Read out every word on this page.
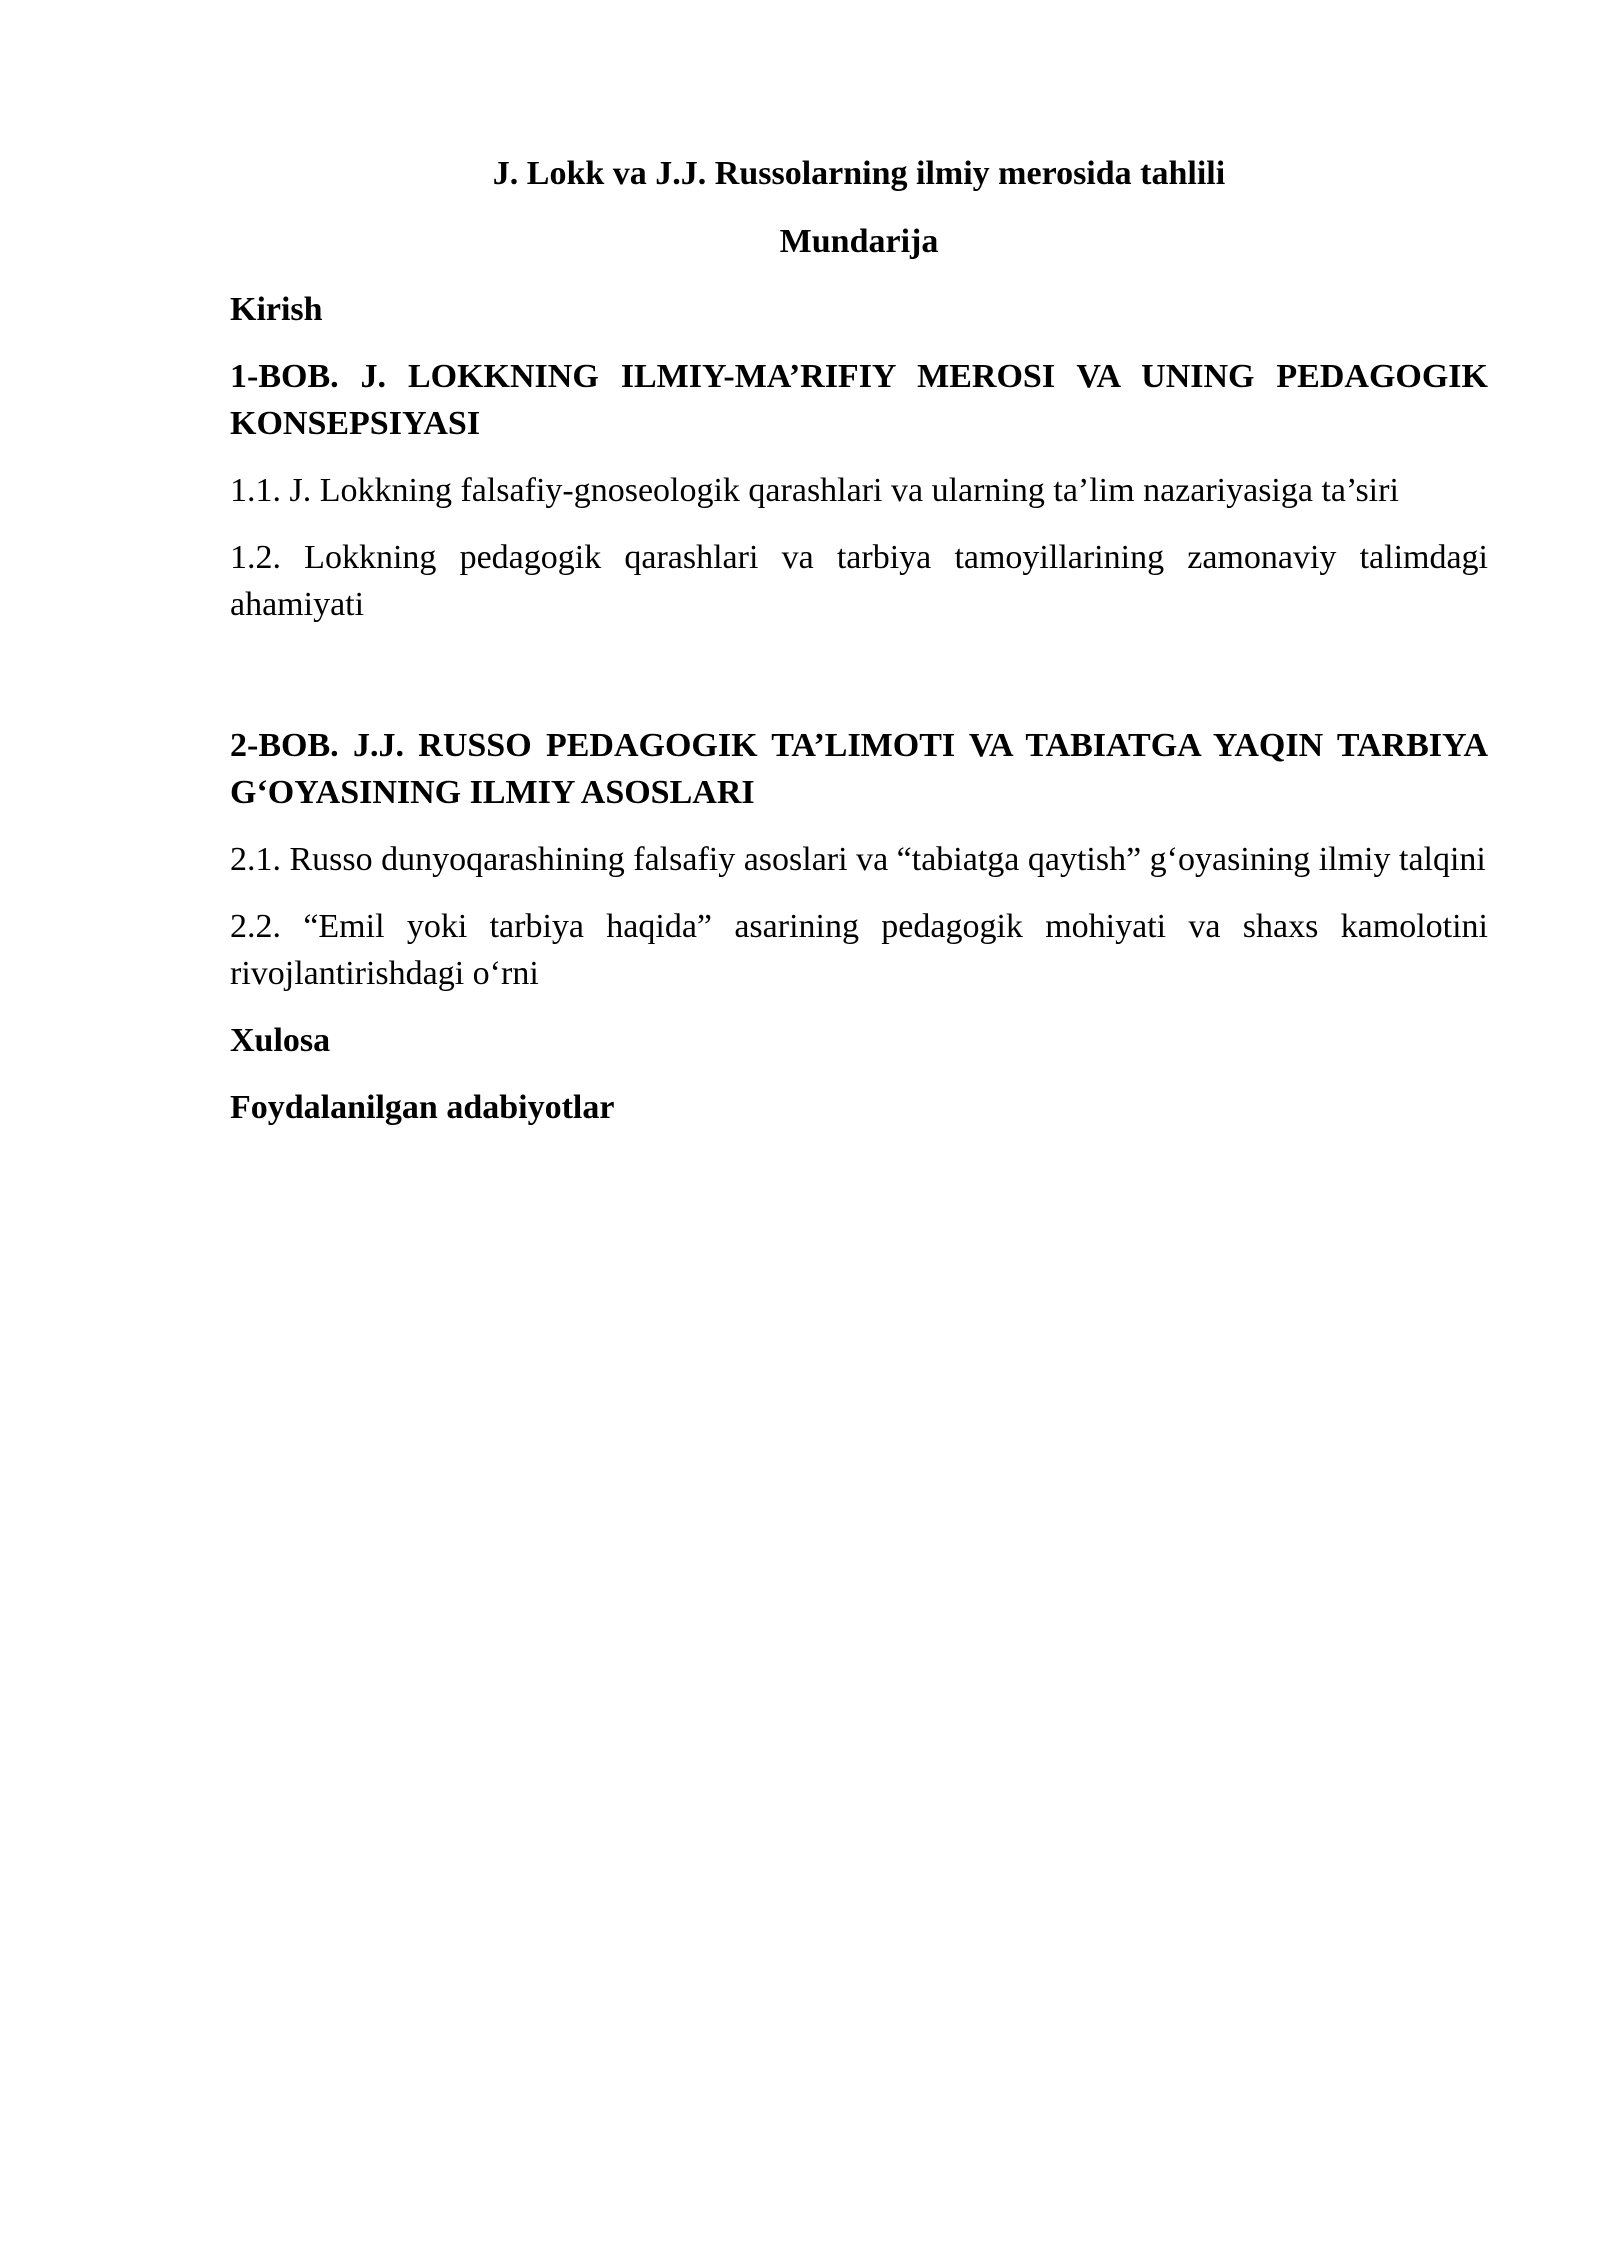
J. Lokk va J.J. Russolarning ilmiy merosida tahlili
Mundarija
Kirish
1-BOB. J. LOKKNING ILMIY-MA’RIFIY MEROSI VA UNING PEDAGOGIK KONSEPSIYASI
1.1. J. Lokkning falsafiy-gnoseologik qarashlari va ularning ta’lim nazariyasiga ta’siri
1.2. Lokkning pedagogik qarashlari va tarbiya tamoyillarining zamonaviy talimdagi ahamiyati
2-BOB. J.J. RUSSO PEDAGOGIK TA’LIMOTI VA TABIATGA YAQIN TARBIYA G‘OYASINING ILMIY ASOSLARI
2.1. Russo dunyoqarashining falsafiy asoslari va “tabiatga qaytish” g‘oyasining ilmiy talqini
2.2. “Emil yoki tarbiya haqida” asarining pedagogik mohiyati va shaxs kamolotini rivojlantirishdagi o‘rni
Xulosa
Foydalanilgan adabiyotlar
